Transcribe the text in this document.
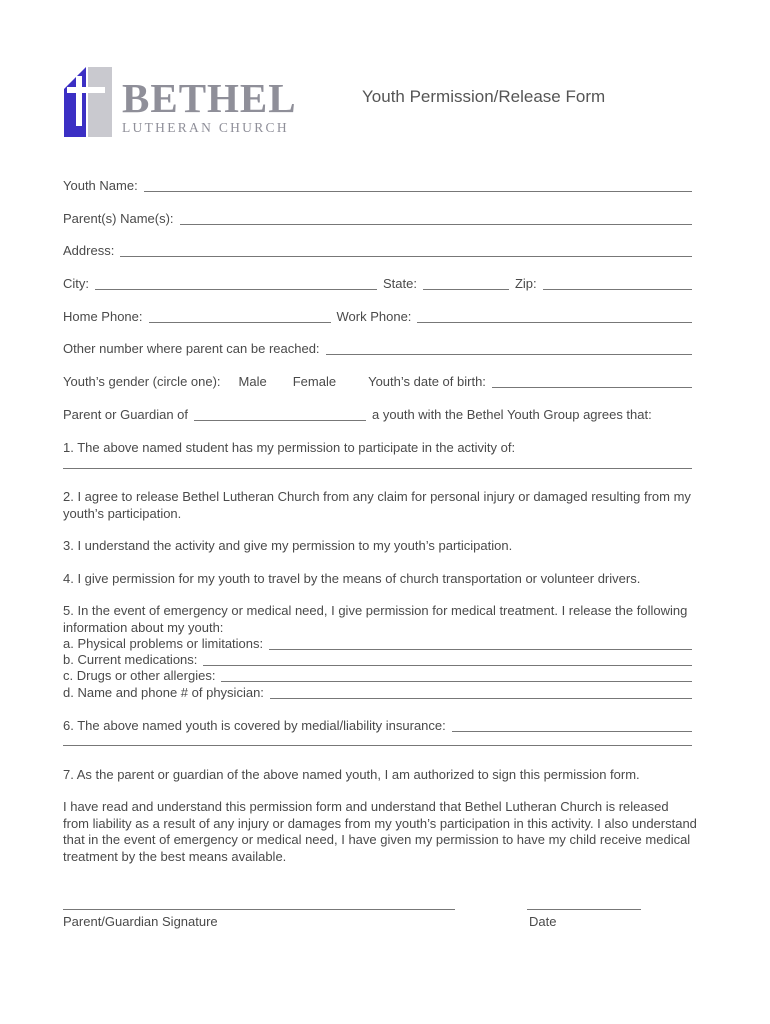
BETHEL
LUTHERAN CHURCH
Youth Permission/Release Form
Youth Name:
Parent(s) Name(s):
Address:
City:	State:	Zip:
Home Phone:	Work Phone:
Other number where parent can be reached:
Youth’s gender (circle one): Male Female Youth’s date of birth:
Parent or Guardian of	a youth with the Bethel Youth Group agrees that:
1. The above named student has my permission to participate in the activity of:
2. I agree to release Bethel Lutheran Church from any claim for personal injury or damaged resulting from my youth’s participation.
3. I understand the activity and give my permission to my youth’s participation.
4. I give permission for my youth to travel by the means of church transportation or volunteer drivers.
5. In the event of emergency or medical need, I give permission for medical treatment. I release the following information about my youth:
a. Physical problems or limitations:
b. Current medications:
c. Drugs or other allergies:
d. Name and phone # of physician:
6. The above named youth is covered by medial/liability insurance:
7. As the parent or guardian of the above named youth, I am authorized to sign this permission form.
I have read and understand this permission form and understand that Bethel Lutheran Church is released from liability as a result of any injury or damages from my youth’s participation in this activity. I also understand that in the event of emergency or medical need, I have given my permission to have my child receive medical treatment by the best means available.
Parent/Guardian Signature	Date
